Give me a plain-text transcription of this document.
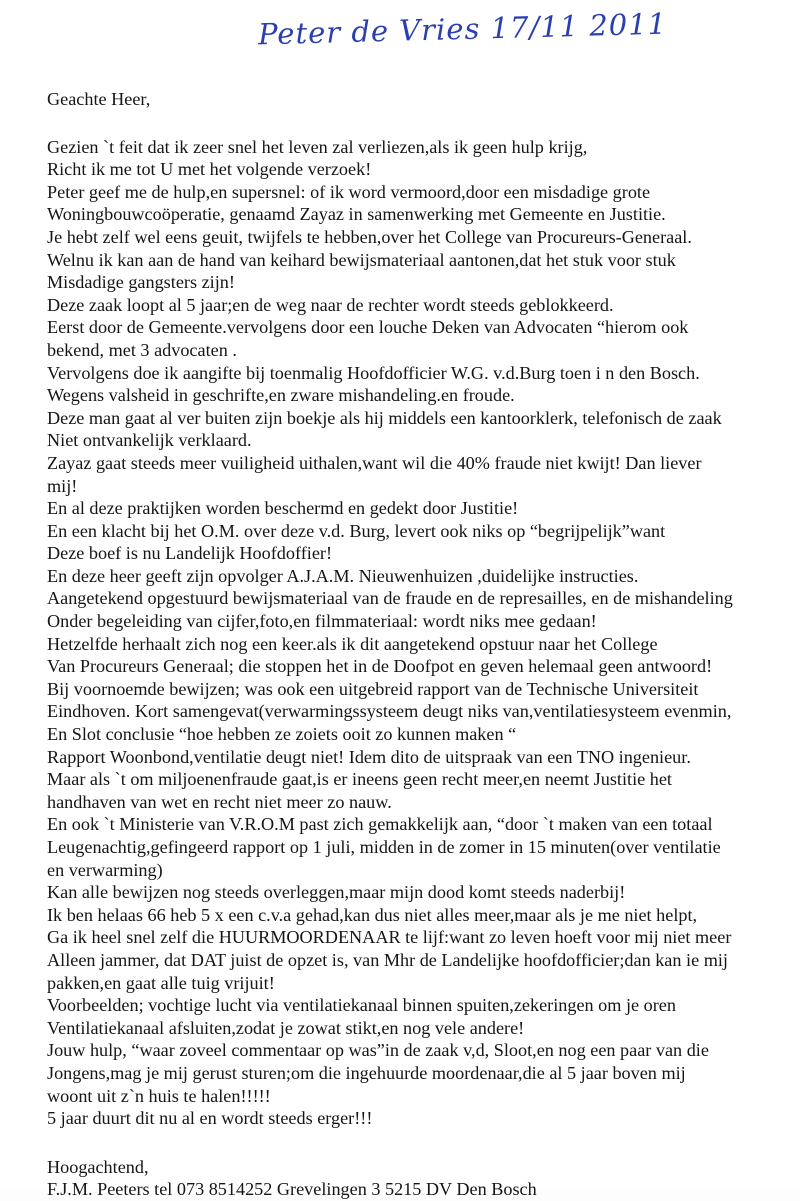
Peter de Vries 17/11 2011
Geachte Heer,
Gezien `t feit dat ik zeer snel het leven zal verliezen,als ik geen hulp krijg,
Richt ik me tot U met het volgende verzoek!
Peter geef me de hulp,en supersnel: of ik word vermoord,door een misdadige grote
Woningbouwcoöperatie, genaamd Zayaz in samenwerking met Gemeente en Justitie.
Je hebt zelf wel eens geuit, twijfels te hebben,over het College van Procureurs-Generaal.
Welnu ik kan aan de hand van keihard bewijsmateriaal aantonen,dat het stuk voor stuk
Misdadige gangsters zijn!
Deze zaak loopt al 5 jaar;en de weg naar de rechter wordt steeds geblokkeerd.
Eerst door de Gemeente.vervolgens door een louche Deken van Advocaten “hierom ook
bekend, met 3 advocaten .
Vervolgens doe ik aangifte bij toenmalig Hoofdofficier W.G. v.d.Burg toen i n den Bosch.
Wegens valsheid in geschrifte,en zware mishandeling.en froude.
Deze man gaat al ver buiten zijn boekje als hij middels een kantoorklerk, telefonisch de zaak
Niet ontvankelijk verklaard.
Zayaz gaat steeds meer vuiligheid uithalen,want wil die 40% fraude niet kwijt! Dan liever
mij!
En al deze praktijken worden beschermd en gedekt door Justitie!
En een klacht bij het O.M. over deze v.d. Burg, levert ook niks op “begrijpelijk”want
Deze boef is nu Landelijk Hoofdoffier!
En deze heer geeft zijn opvolger A.J.A.M. Nieuwenhuizen ,duidelijke instructies.
Aangetekend opgestuurd bewijsmateriaal van de fraude en de represailles, en de mishandeling
Onder begeleiding van cijfer,foto,en filmmateriaal: wordt niks mee gedaan!
Hetzelfde herhaalt zich nog een keer.als ik dit aangetekend opstuur naar het College
Van Procureurs Generaal; die stoppen het in de Doofpot en geven helemaal geen antwoord!
Bij voornoemde bewijzen; was ook een uitgebreid rapport van de Technische Universiteit
Eindhoven. Kort samengevat(verwarmingssysteem deugt niks van,ventilatiesysteem evenmin,
En Slot conclusie “hoe hebben ze zoiets ooit zo kunnen maken “
Rapport Woonbond,ventilatie deugt niet! Idem dito de uitspraak van een TNO ingenieur.
Maar als `t om miljoenenfraude gaat,is er ineens geen recht meer,en neemt Justitie het
handhaven van wet en recht niet meer zo nauw.
En ook `t Ministerie van V.R.O.M past zich gemakkelijk aan, “door `t maken van een totaal
Leugenachtig,gefingeerd rapport op 1 juli, midden in de zomer in 15 minuten(over ventilatie
en verwarming)
Kan alle bewijzen nog steeds overleggen,maar mijn dood komt steeds naderbij!
Ik ben helaas 66 heb 5 x een c.v.a gehad,kan dus niet alles meer,maar als je me niet helpt,
Ga ik heel snel zelf die HUURMOORDENAAR te lijf:want zo leven hoeft voor mij niet meer
Alleen jammer, dat DAT juist de opzet is, van Mhr de Landelijke hoofdofficier;dan kan ie mij
pakken,en gaat alle tuig vrijuit!
Voorbeelden; vochtige lucht via ventilatiekanaal binnen spuiten,zekeringen om je oren
Ventilatiekanaal afsluiten,zodat je zowat stikt,en nog vele andere!
Jouw hulp, “waar zoveel commentaar op was”in de zaak v,d, Sloot,en nog een paar van die
Jongens,mag je mij gerust sturen;om die ingehuurde moordenaar,die al 5 jaar boven mij
woont uit z`n huis te halen!!!!!
5 jaar duurt dit nu al en wordt steeds erger!!!
Hoogachtend,
F.J.M. Peeters tel 073 8514252 Grevelingen 3 5215 DV Den Bosch
